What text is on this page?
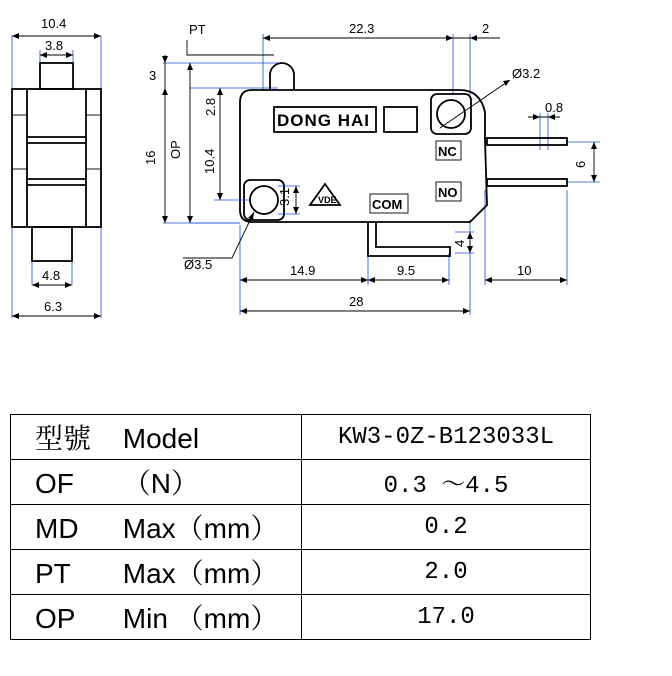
10.4
3.8
4.8
6.3
DONG HAI
VDE
NC
NO
COM
PT	22.3	2
Ø3.2
0.8
6
3
16 OP
2.8
10.4
3.1
4
Ø3.5	14.9	9.5	10
28
型號 Model	KW3-0Z-B123033L
OF （N）	0.3 ～4.5
MD Max（mm）	0.2
PT Max（mm）	2.0
OP Min （mm）	17.0
